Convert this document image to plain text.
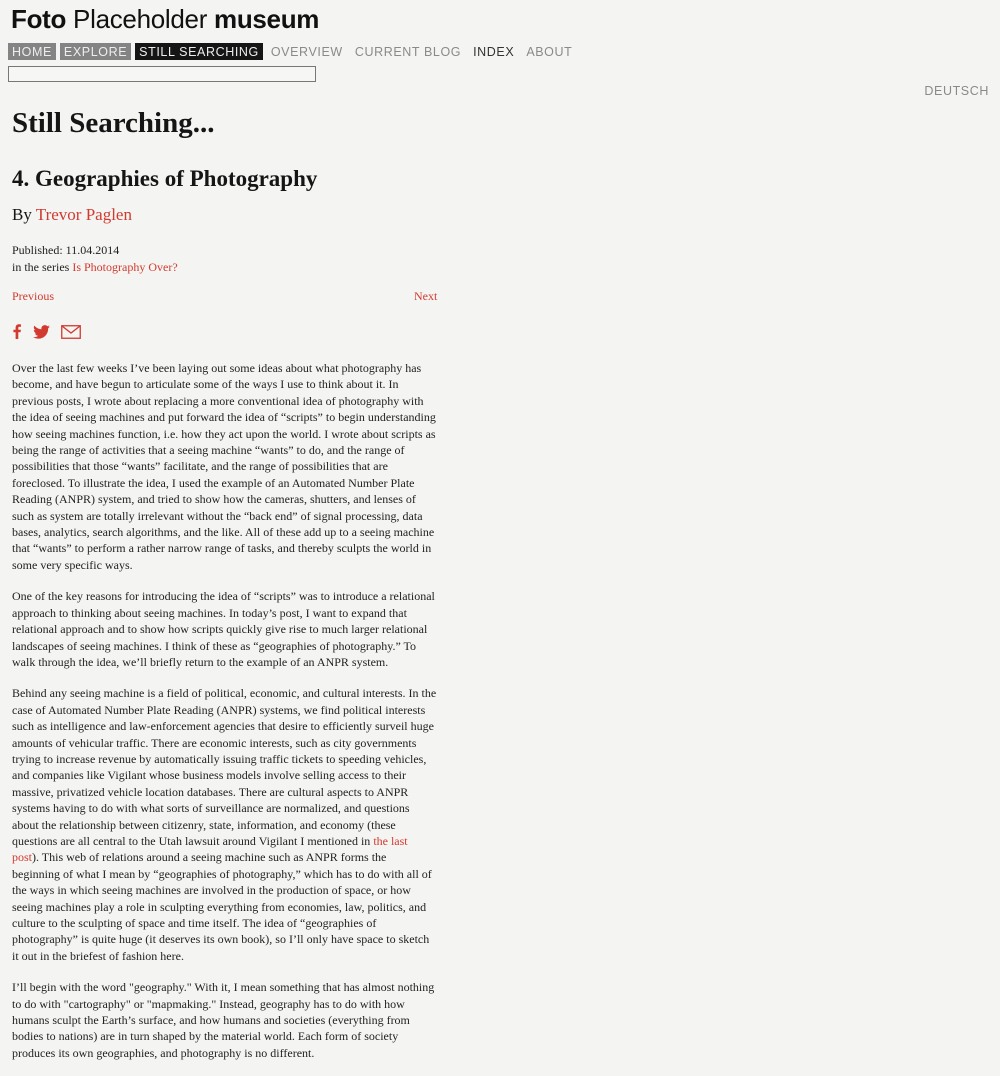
Foto Placeholder museum
HOME EXPLORE STILL SEARCHING OVERVIEW CURRENT BLOG INDEX ABOUT
DEUTSCH
Still Searching...
4. Geographies of Photography
By Trevor Paglen
Published: 11.04.2014
in the series Is Photography Over?
Previous	Next

Over the last few weeks I’ve been laying out some ideas about what photography has become, and have begun to articulate some of the ways I use to think about it. In previous posts, I wrote about replacing a more conventional idea of photography with the idea of seeing machines and put forward the idea of “scripts” to begin understanding how seeing machines function, i.e. how they act upon the world. I wrote about scripts as being the range of activities that a seeing machine “wants” to do, and the range of possibilities that those “wants” facilitate, and the range of possibilities that are foreclosed. To illustrate the idea, I used the example of an Automated Number Plate Reading (ANPR) system, and tried to show how the cameras, shutters, and lenses of such as system are totally irrelevant without the “back end” of signal processing, data bases, analytics, search algorithms, and the like. All of these add up to a seeing machine that “wants” to perform a rather narrow range of tasks, and thereby sculpts the world in some very specific ways.

One of the key reasons for introducing the idea of “scripts” was to introduce a relational approach to thinking about seeing machines. In today’s post, I want to expand that relational approach and to show how scripts quickly give rise to much larger relational landscapes of seeing machines. I think of these as “geographies of photography.” To walk through the idea, we’ll briefly return to the example of an ANPR system.

Behind any seeing machine is a field of political, economic, and cultural interests. In the case of Automated Number Plate Reading (ANPR) systems, we find political interests such as intelligence and law-enforcement agencies that desire to efficiently surveil huge amounts of vehicular traffic. There are economic interests, such as city governments trying to increase revenue by automatically issuing traffic tickets to speeding vehicles, and companies like Vigilant whose business models involve selling access to their massive, privatized vehicle location databases. There are cultural aspects to ANPR systems having to do with what sorts of surveillance are normalized, and questions about the relationship between citizenry, state, information, and economy (these questions are all central to the Utah lawsuit around Vigilant I mentioned in the last post). This web of relations around a seeing machine such as ANPR forms the beginning of what I mean by “geographies of photography,” which has to do with all of the ways in which seeing machines are involved in the production of space, or how seeing machines play a role in sculpting everything from economies, law, politics, and culture to the sculpting of space and time itself. The idea of “geographies of photography” is quite huge (it deserves its own book), so I’ll only have space to sketch it out in the briefest of fashion here.

I’ll begin with the word "geography." With it, I mean something that has almost nothing to do with "cartography" or "mapmaking." Instead, geography has to do with how humans sculpt the Earth’s surface, and how humans and societies (everything from bodies to nations) are in turn shaped by the material world. Each form of society produces its own geographies, and photography is no different.
